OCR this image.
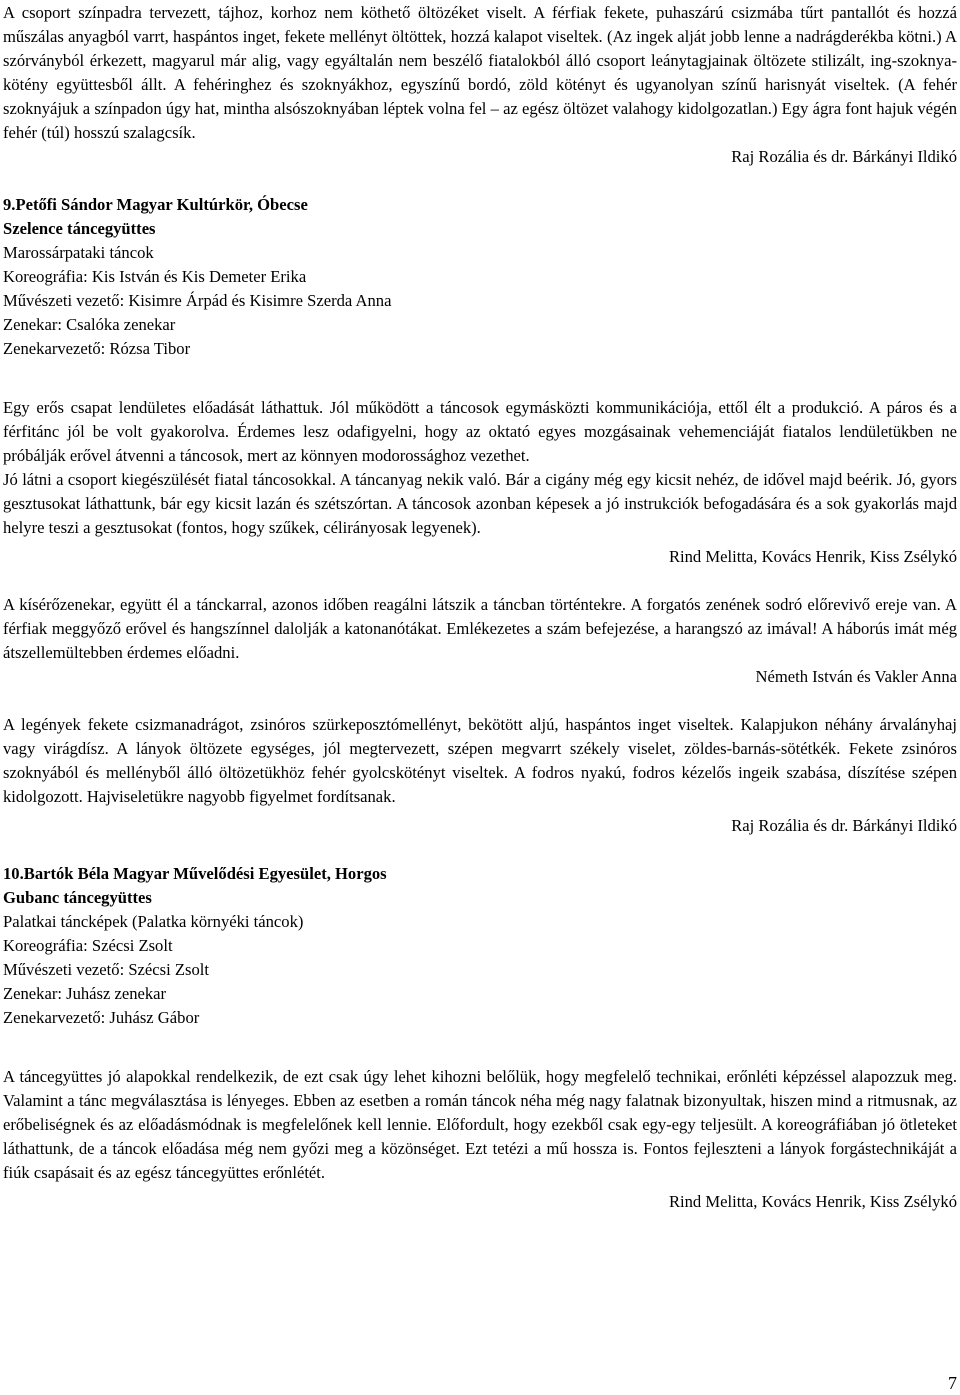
A csoport színpadra tervezett, tájhoz, korhoz nem köthető öltözéket viselt. A férfiak fekete, puhaszárú csizmába tűrt pantallót és hozzá műszálas anyagból varrt, haspántos inget, fekete mellényt öltöttek, hozzá kalapot viseltek. (Az ingek alját jobb lenne a nadrágderékba kötni.) A szórványból érkezett, magyarul már alig, vagy egyáltalán nem beszélő fiatalokból álló csoport leánytagjainak öltözete stilizált, ing-szoknya-kötény együttesből állt. A fehéringhez és szoknyákhoz, egyszínű bordó, zöld kötényt és ugyanolyan színű harisnyát viseltek. (A fehér szoknyájuk a színpadon úgy hat, mintha alsószoknyában léptek volna fel – az egész öltözet valahogy kidolgozatlan.) Egy ágra font hajuk végén fehér (túl) hosszú szalagcsík.

Raj Rozália és dr. Bárkányi Ildikó

9.Petőfi Sándor Magyar Kultúrkör, Óbecse

Szelence táncegyüttes

Marossárpataki táncok

Koreográfia: Kis István és Kis Demeter Erika

Művészeti vezető: Kisimre Árpád és Kisimre Szerda Anna

Zenekar: Csalóka zenekar

Zenekarvezető: Rózsa Tibor

Egy erős csapat lendületes előadását láthattuk. Jól működött a táncosok egymásközti kommunikációja, ettől élt a produkció. A páros és a férfitánc jól be volt gyakorolva. Érdemes lesz odafigyelni, hogy az oktató egyes mozgásainak vehemenciáját fiatalos lendületükben ne próbálják erővel átvenni a táncosok, mert az könnyen modorossághoz vezethet.

Jó látni a csoport kiegészülését fiatal táncosokkal. A táncanyag nekik való. Bár a cigány még egy kicsit nehéz, de idővel majd beérik. Jó, gyors gesztusokat láthattunk, bár egy kicsit lazán és szétszórtan. A táncosok azonban képesek a jó instrukciók befogadására és a sok gyakorlás majd helyre teszi a gesztusokat (fontos, hogy szűkek, célirányosak legyenek).

Rind Melitta, Kovács Henrik, Kiss Zsélykó

A kísérőzenekar, együtt él a tánckarral, azonos időben reagálni látszik a táncban történtekre. A forgatós zenének sodró előrevivő ereje van. A férfiak meggyőző erővel és hangszínnel dalolják a katonanótákat. Emlékezetes a szám befejezése, a harangszó az imával! A háborús imát még átszellemültebben érdemes előadni.

Németh István és Vakler Anna

A legények fekete csizmanadrágot, zsinóros szürkeposztómellényt, bekötött aljú, haspántos inget viseltek. Kalapjukon néhány árvalányhaj vagy virágdísz. A lányok öltözete egységes, jól megtervezett, szépen megvarrt székely viselet, zöldes-barnás-sötétkék. Fekete zsinóros szoknyából és mellényből álló öltözetükhöz fehér gyolcskötényt viseltek. A fodros nyakú, fodros kézelős ingeik szabása, díszítése szépen kidolgozott. Hajviseletükre nagyobb figyelmet fordítsanak.

Raj Rozália és dr. Bárkányi Ildikó

10.Bartók Béla Magyar Művelődési Egyesület, Horgos

Gubanc táncegyüttes

Palatkai táncképek (Palatka környéki táncok)

Koreográfia: Szécsi Zsolt

Művészeti vezető: Szécsi Zsolt

Zenekar: Juhász zenekar

Zenekarvezető: Juhász Gábor

A táncegyüttes jó alapokkal rendelkezik, de ezt csak úgy lehet kihozni belőlük, hogy megfelelő technikai, erőnléti képzéssel alapozzuk meg. Valamint a tánc megválasztása is lényeges. Ebben az esetben a román táncok néha még nagy falatnak bizonyultak, hiszen mind a ritmusnak, az erőbeliségnek és az előadásmódnak is megfelelőnek kell lennie. Előfordult, hogy ezekből csak egy-egy teljesült. A koreográfiában jó ötleteket láthattunk, de a táncok előadása még nem győzi meg a közönséget. Ezt tetézi a mű hossza is. Fontos fejleszteni a lányok forgástechnikáját a fiúk csapásait és az egész táncegyüttes erőnlétét.

Rind Melitta, Kovács Henrik, Kiss Zsélykó

7
